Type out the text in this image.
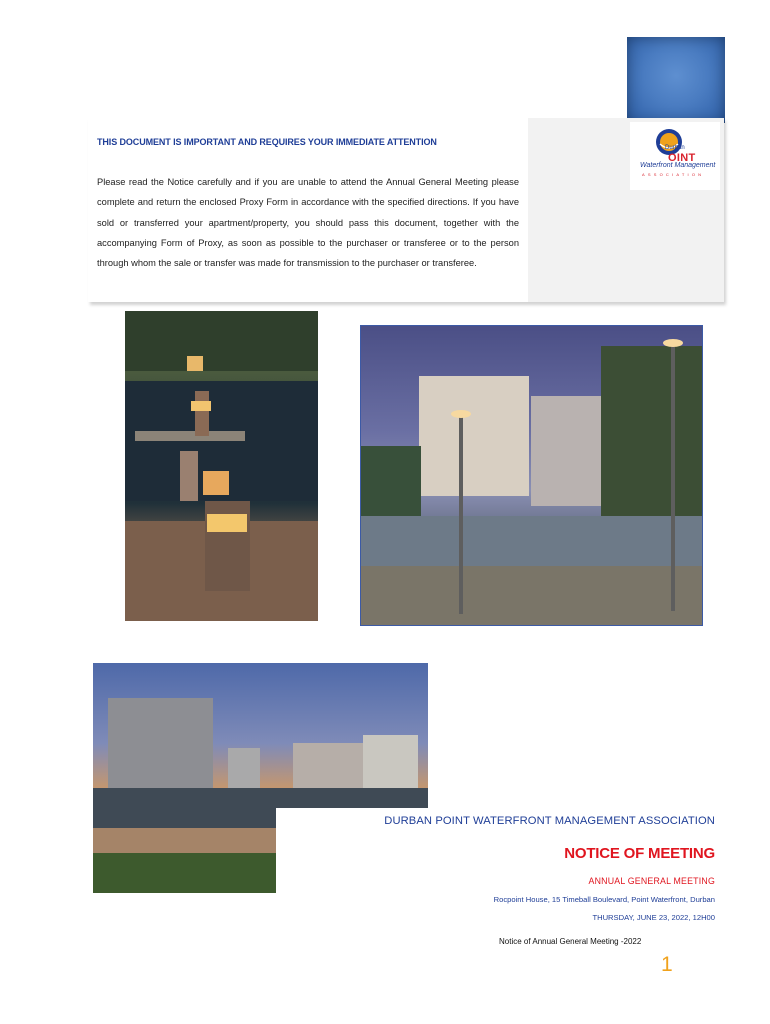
THIS DOCUMENT IS IMPORTANT AND REQUIRES YOUR IMMEDIATE ATTENTION
Please read the Notice carefully and if you are unable to attend the Annual General Meeting please complete and return the enclosed Proxy Form in accordance with the specified directions. If you have sold or transferred your apartment/property, you should pass this document, together with the accompanying Form of Proxy, as soon as possible to the purchaser or transferee or to the person through whom the sale or transfer was made for transmission to the purchaser or transferee.
Durban
OINT
Waterfront Management
ASSOCIATION
DURBAN POINT WATERFRONT MANAGEMENT ASSOCIATION
NOTICE OF MEETING
ANNUAL GENERAL MEETING
Rocpoint House, 15 Timeball Boulevard, Point Waterfront, Durban
THURSDAY, JUNE 23, 2022, 12H00
Notice of Annual General Meeting -2022
1
